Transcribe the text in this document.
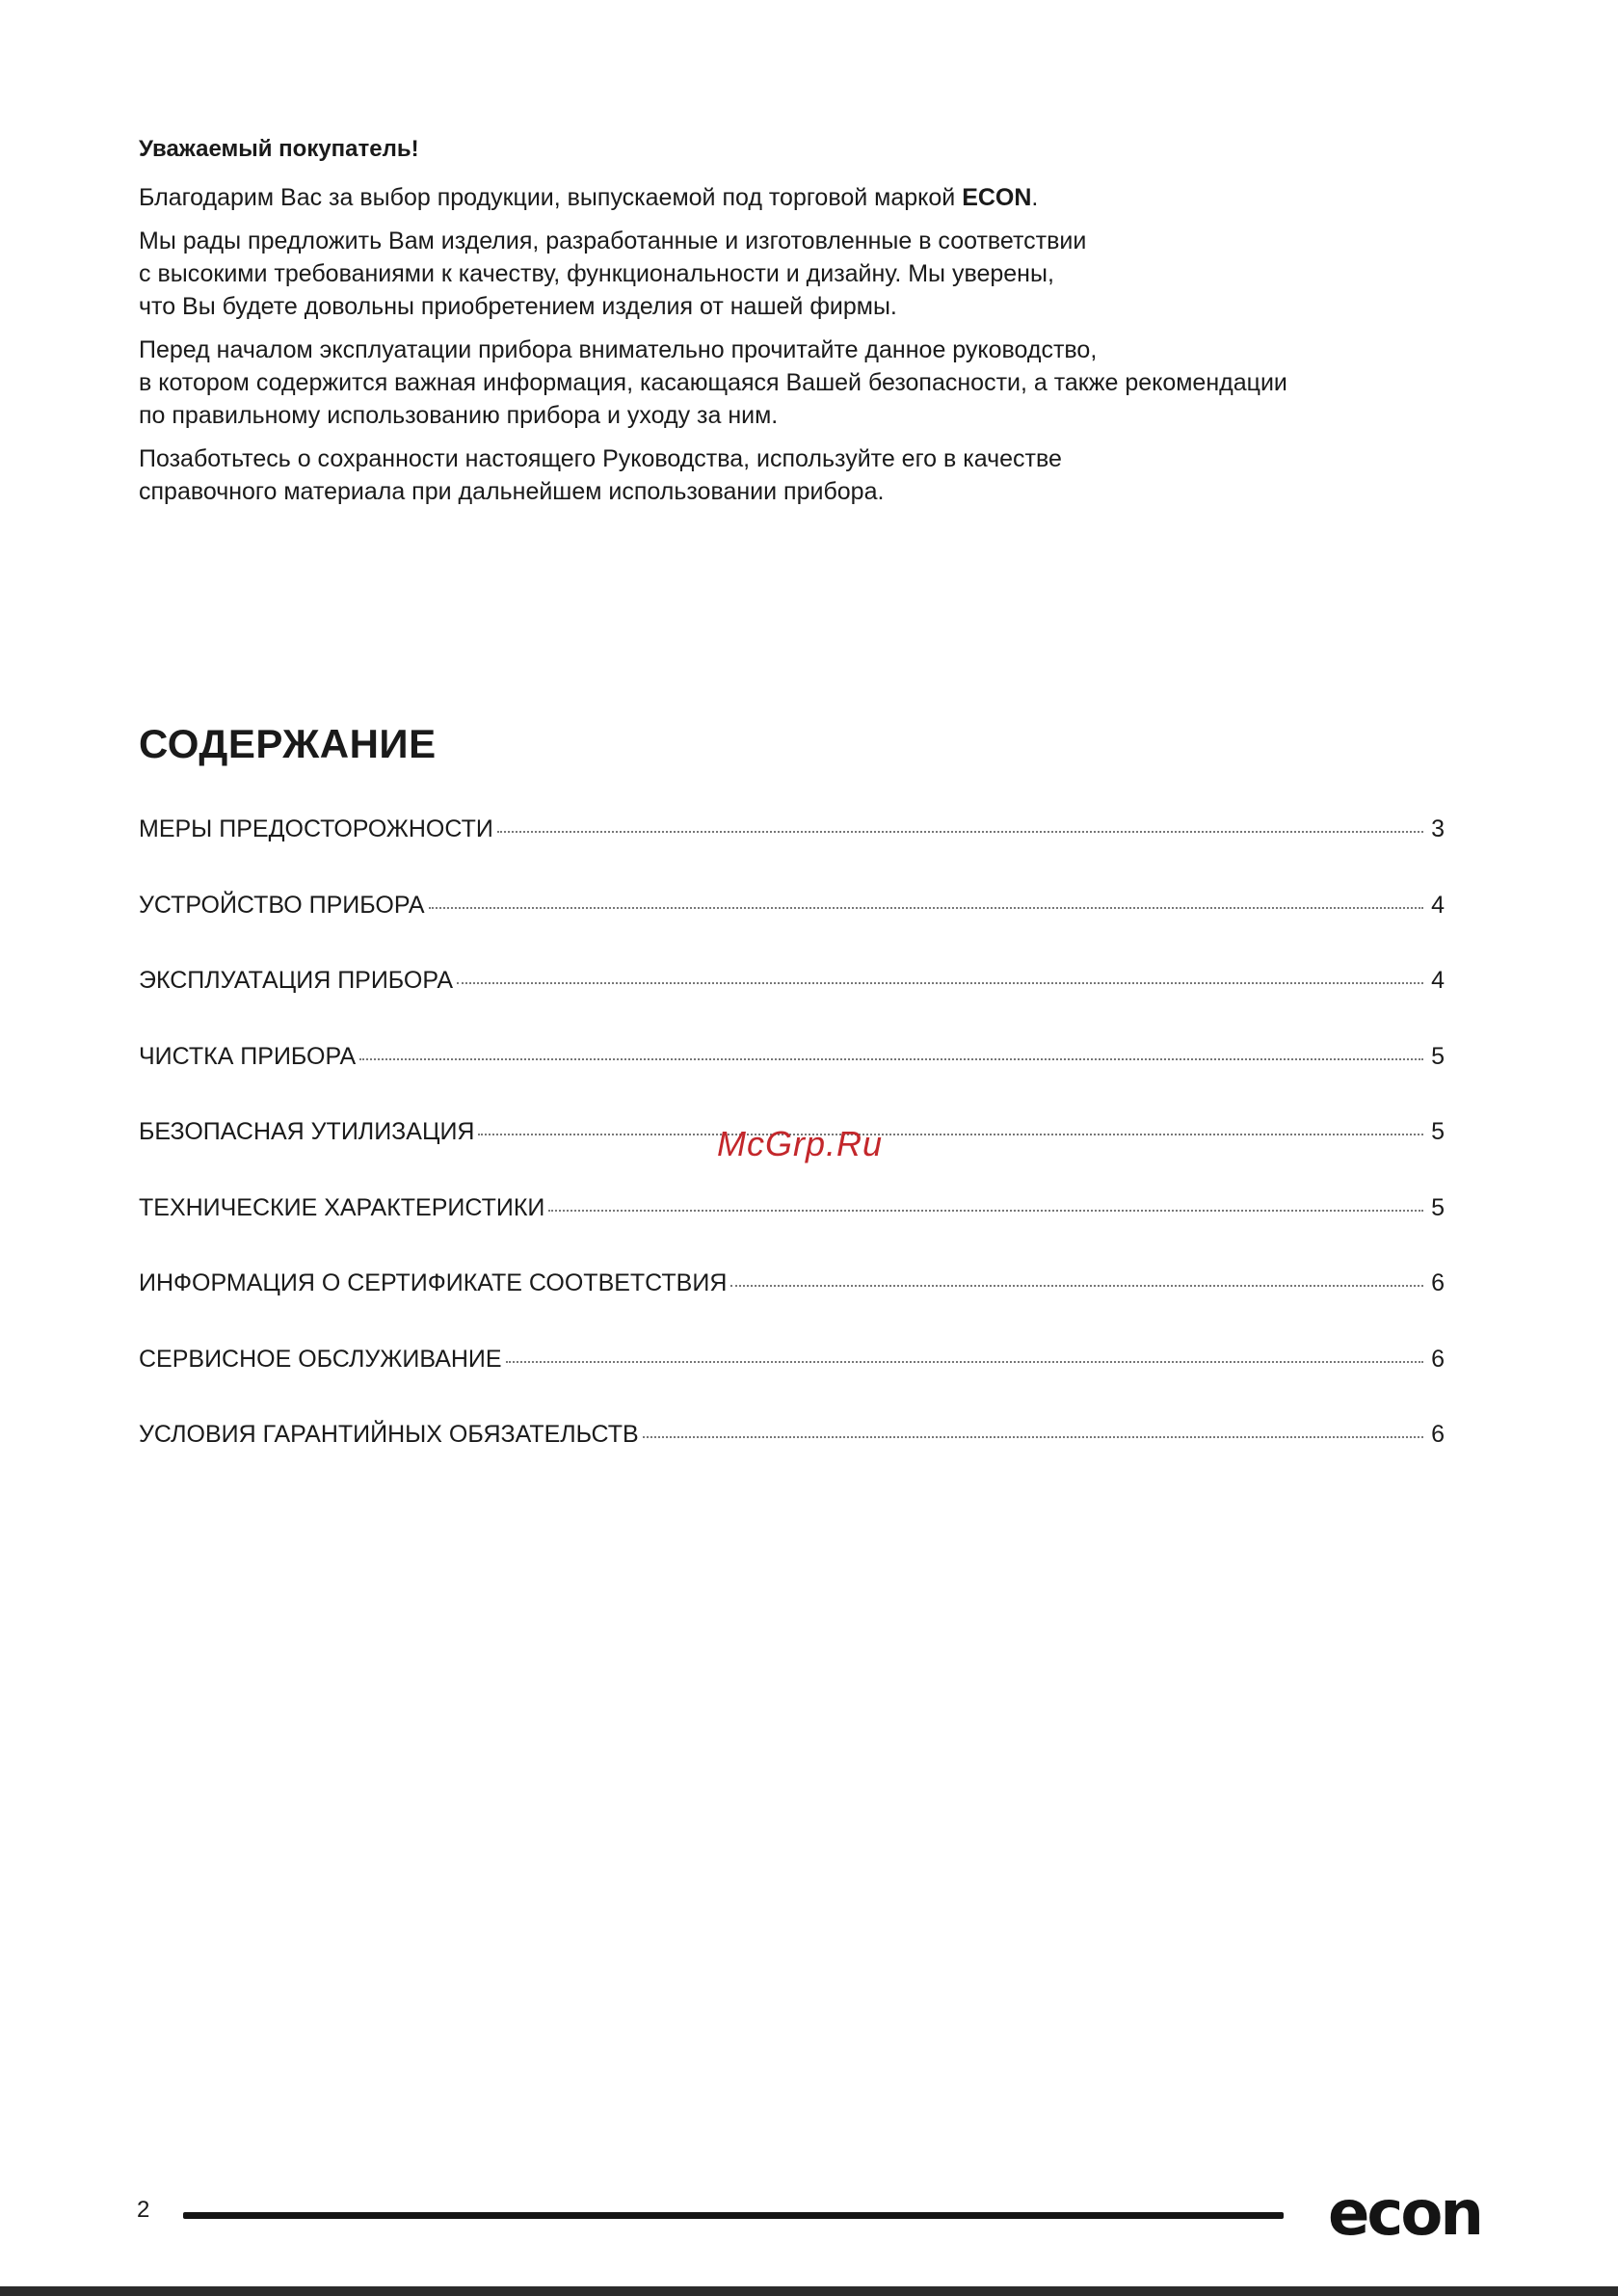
Уважаемый покупатель!

Благодарим Вас за выбор продукции, выпускаемой под торговой маркой ECON.

Мы рады предложить Вам изделия, разработанные и изготовленные в соответствии
с высокими требованиями к качеству, функциональности и дизайну. Мы уверены,
что Вы будете довольны приобретением изделия от нашей фирмы.

Перед началом эксплуатации прибора внимательно прочитайте данное руководство,
в котором содержится важная информация, касающаяся Вашей безопасности, а также рекомендации
по правильному использованию прибора и уходу за ним.

Позаботьтесь о сохранности настоящего Руководства, используйте его в качестве
справочного материала при дальнейшем использовании прибора.

СОДЕРЖАНИЕ
МЕРЫ ПРЕДОСТОРОЖНОСТИ	3
УСТРОЙСТВО ПРИБОРА	4
ЭКСПЛУАТАЦИЯ ПРИБОРА	4
ЧИСТКА ПРИБОРА	5
БЕЗОПАСНАЯ УТИЛИЗАЦИЯ	5
ТЕХНИЧЕСКИЕ ХАРАКТЕРИСТИКИ	5
ИНФОРМАЦИЯ О СЕРТИФИКАТЕ СООТВЕТСТВИЯ	6
СЕРВИСНОЕ ОБСЛУЖИВАНИЕ	6
УСЛОВИЯ ГАРАНТИЙНЫХ ОБЯЗАТЕЛЬСТВ	6
McGrp.Ru
2	econ
